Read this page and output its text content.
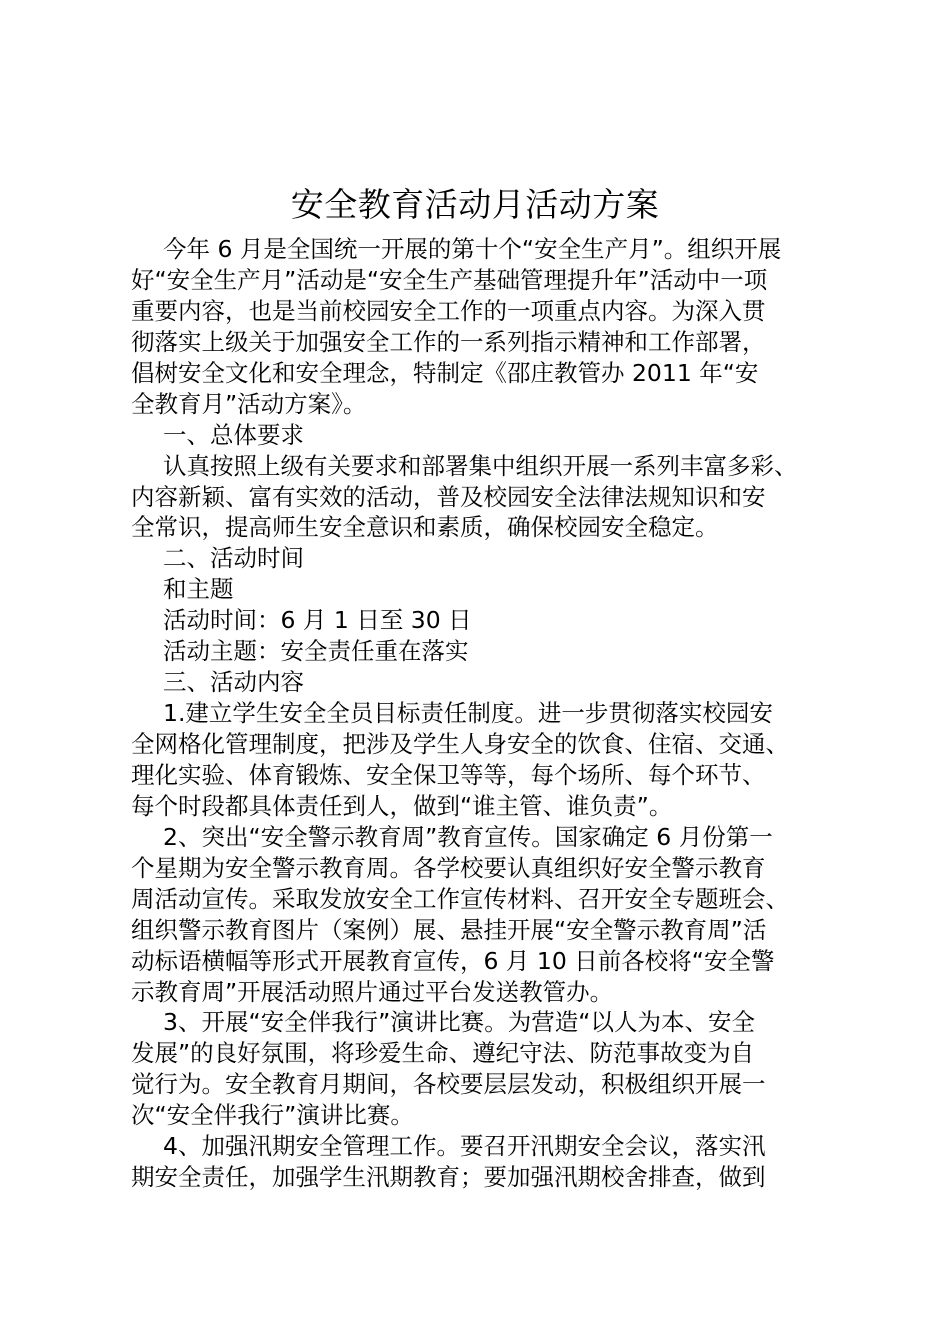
安全教育活动月活动方案
今年 6 月是全国统一开展的第十个“安全生产月”。组织开展
好“安全生产月”活动是“安全生产基础管理提升年”活动中一项
重要内容，也是当前校园安全工作的一项重点内容。为深入贯
彻落实上级关于加强安全工作的一系列指示精神和工作部署，
倡树安全文化和安全理念，特制定《邵庄教管办 2011 年“安
全教育月”活动方案》。
一、总体要求
认真按照上级有关要求和部署集中组织开展一系列丰富多彩、
内容新颖、富有实效的活动，普及校园安全法律法规知识和安
全常识，提高师生安全意识和素质，确保校园安全稳定。
二、活动时间
和主题
活动时间：6 月 1 日至 30 日
活动主题：安全责任重在落实
三、活动内容
1.建立学生安全全员目标责任制度。进一步贯彻落实校园安
全网格化管理制度，把涉及学生人身安全的饮食、住宿、交通、
理化实验、体育锻炼、安全保卫等等，每个场所、每个环节、
每个时段都具体责任到人，做到“谁主管、谁负责”。
2、突出“安全警示教育周”教育宣传。国家确定 6 月份第一
个星期为安全警示教育周。各学校要认真组织好安全警示教育
周活动宣传。采取发放安全工作宣传材料、召开安全专题班会、
组织警示教育图片（案例）展、悬挂开展“安全警示教育周”活
动标语横幅等形式开展教育宣传，6 月 10 日前各校将“安全警
示教育周”开展活动照片通过平台发送教管办。
3、开展“安全伴我行”演讲比赛。为营造“以人为本、安全
发展”的良好氛围，将珍爱生命、遵纪守法、防范事故变为自
觉行为。安全教育月期间，各校要层层发动，积极组织开展一
次“安全伴我行”演讲比赛。
4、加强汛期安全管理工作。要召开汛期安全会议，落实汛
期安全责任，加强学生汛期教育；要加强汛期校舍排查，做到
